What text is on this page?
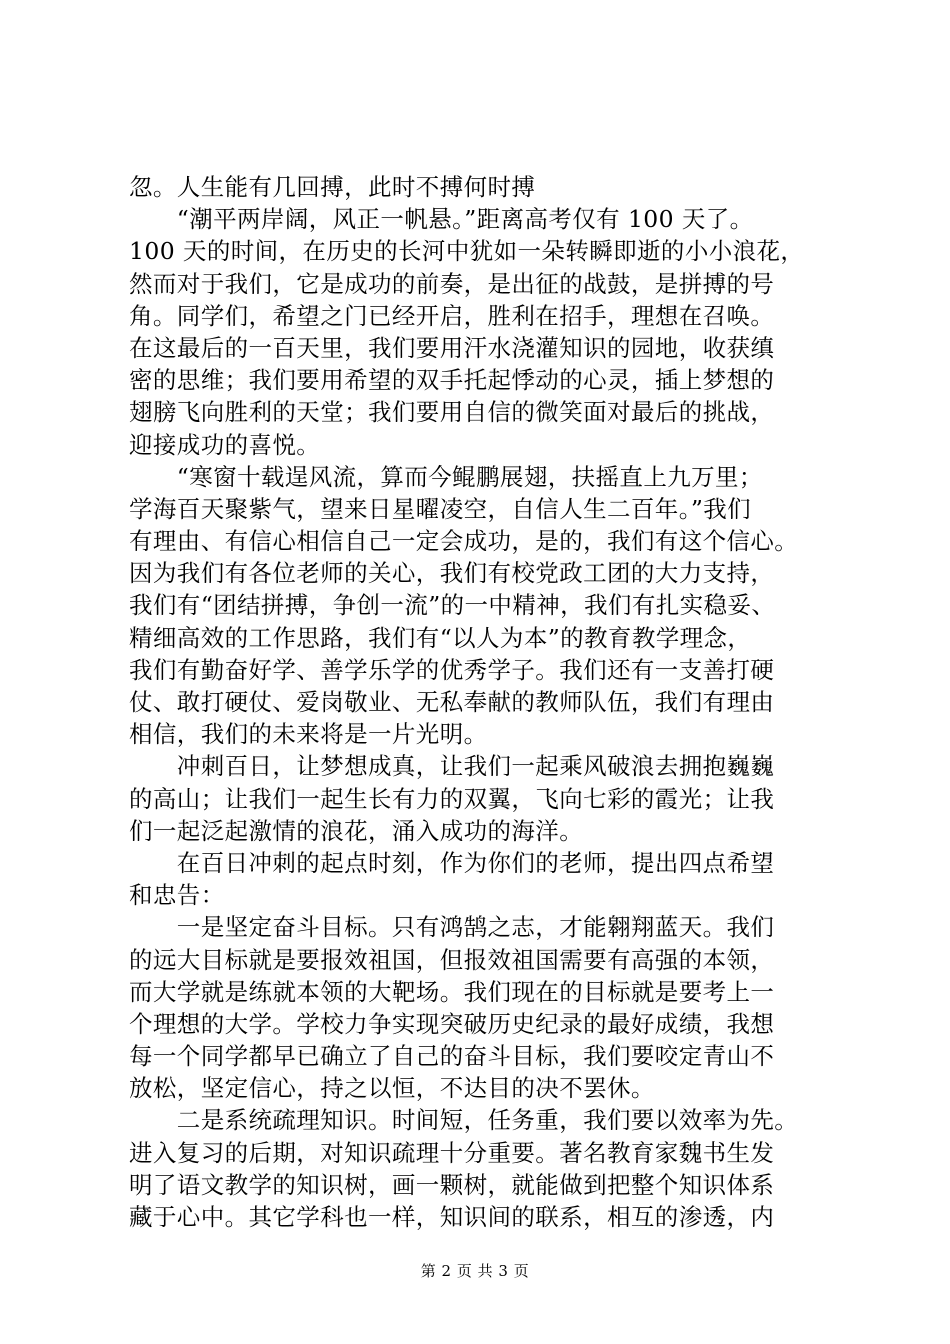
忽。人生能有几回搏，此时不搏何时搏
　　“潮平两岸阔，风正一帆悬。”距离高考仅有 100 天了。
100 天的时间，在历史的长河中犹如一朵转瞬即逝的小小浪花，
然而对于我们，它是成功的前奏，是出征的战鼓，是拼搏的号
角。同学们，希望之门已经开启，胜利在招手，理想在召唤。
在这最后的一百天里，我们要用汗水浇灌知识的园地，收获缜
密的思维；我们要用希望的双手托起悸动的心灵，插上梦想的
翅膀飞向胜利的天堂；我们要用自信的微笑面对最后的挑战，
迎接成功的喜悦。
　　“寒窗十载逞风流，算而今鲲鹏展翅，扶摇直上九万里；
学海百天聚紫气，望来日星曜凌空，自信人生二百年。”我们
有理由、有信心相信自己一定会成功，是的，我们有这个信心。
因为我们有各位老师的关心，我们有校党政工团的大力支持，
我们有“团结拼搏，争创一流”的一中精神，我们有扎实稳妥、
精细高效的工作思路，我们有“以人为本”的教育教学理念，
我们有勤奋好学、善学乐学的优秀学子。我们还有一支善打硬
仗、敢打硬仗、爱岗敬业、无私奉献的教师队伍，我们有理由
相信，我们的未来将是一片光明。
　　冲刺百日，让梦想成真，让我们一起乘风破浪去拥抱巍巍
的高山；让我们一起生长有力的双翼，飞向七彩的霞光；让我
们一起泛起激情的浪花，涌入成功的海洋。
　　在百日冲刺的起点时刻，作为你们的老师，提出四点希望
和忠告：
　　一是坚定奋斗目标。只有鸿鹄之志，才能翱翔蓝天。我们
的远大目标就是要报效祖国，但报效祖国需要有高强的本领，
而大学就是练就本领的大靶场。我们现在的目标就是要考上一
个理想的大学。学校力争实现突破历史纪录的最好成绩，我想
每一个同学都早已确立了自己的奋斗目标，我们要咬定青山不
放松，坚定信心，持之以恒，不达目的决不罢休。
　　二是系统疏理知识。时间短，任务重，我们要以效率为先。
进入复习的后期，对知识疏理十分重要。著名教育家魏书生发
明了语文教学的知识树，画一颗树，就能做到把整个知识体系
藏于心中。其它学科也一样，知识间的联系，相互的渗透，内
第 2 页 共 3 页
